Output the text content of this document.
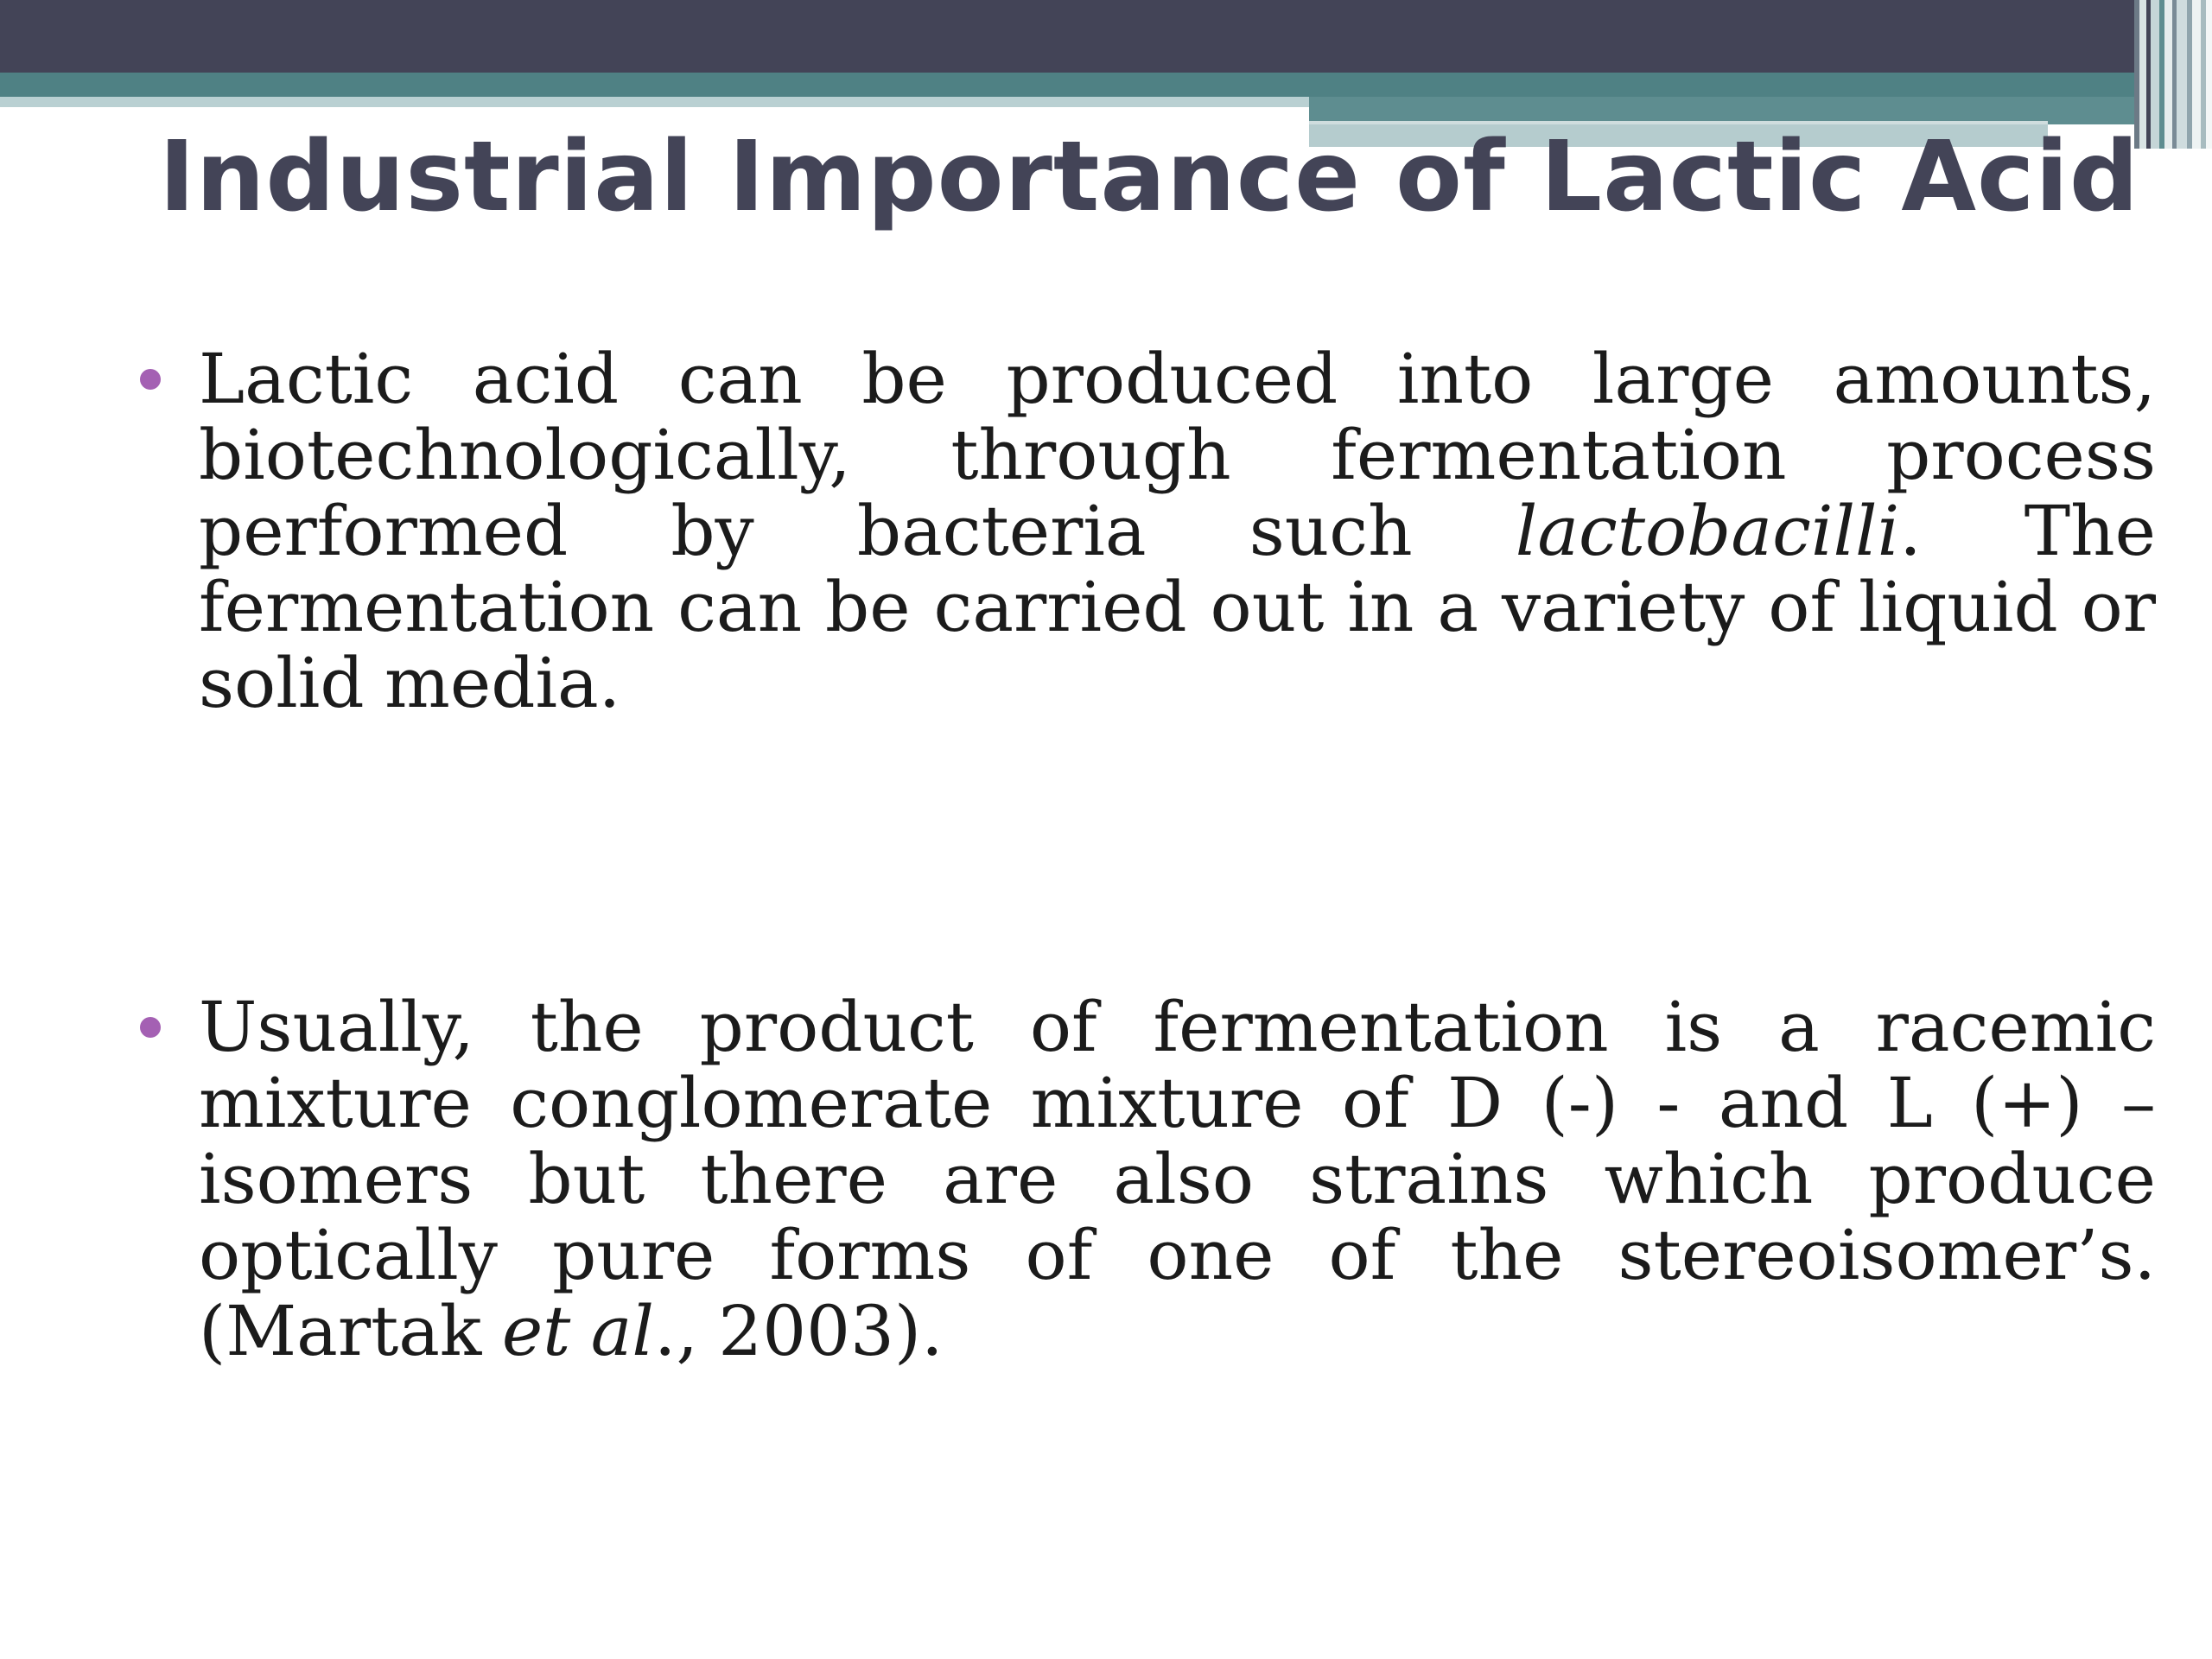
Industrial Importance of Lactic Acid
Lactic acid can be produced into large amounts, biotechnologically, through fermentation process performed by bacteria such lactobacilli. The fermentation can be carried out in a variety of liquid or solid media.
Usually, the product of fermentation is a racemic mixture conglomerate mixture of D (-) - and L (+) – isomers but there are also strains which produce optically pure forms of one of the stereoisomer’s. (Martak et al., 2003).
